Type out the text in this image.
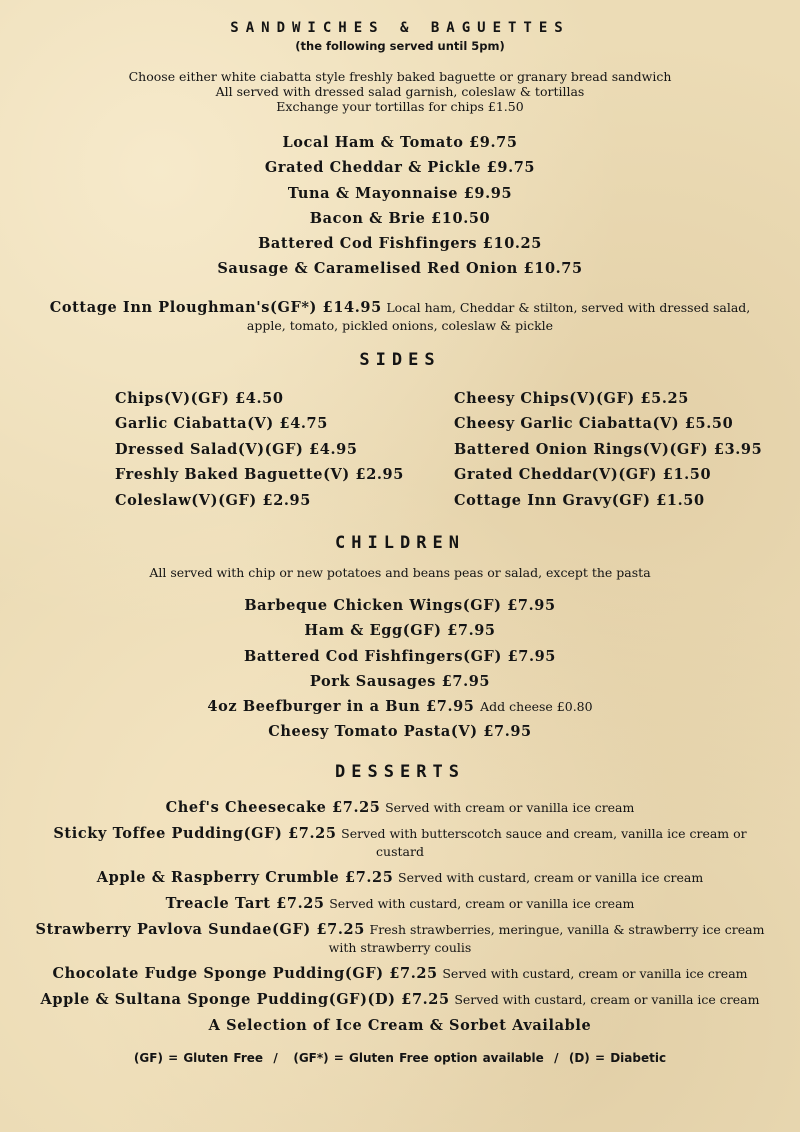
SANDWICHES & BAGUETTES
(the following served until 5pm)
Choose either white ciabatta style freshly baked baguette or granary bread sandwich
All served with dressed salad garnish, coleslaw & tortillas
Exchange your tortillas for chips £1.50
Local Ham & Tomato £9.75
Grated Cheddar & Pickle £9.75
Tuna & Mayonnaise £9.95
Bacon & Brie £10.50
Battered Cod Fishfingers £10.25
Sausage & Caramelised Red Onion £10.75
Cottage Inn Ploughman's(GF*) £14.95 Local ham, Cheddar & stilton, served with dressed salad, apple, tomato, pickled onions, coleslaw & pickle
SIDES
Chips(V)(GF) £4.50
Garlic Ciabatta(V) £4.75
Dressed Salad(V)(GF) £4.95
Freshly Baked Baguette(V) £2.95
Coleslaw(V)(GF) £2.95
Cheesy Chips(V)(GF) £5.25
Cheesy Garlic Ciabatta(V) £5.50
Battered Onion Rings(V)(GF) £3.95
Grated Cheddar(V)(GF) £1.50
Cottage Inn Gravy(GF) £1.50
CHILDREN
All served with chip or new potatoes and beans peas or salad, except the pasta
Barbeque Chicken Wings(GF) £7.95
Ham & Egg(GF) £7.95
Battered Cod Fishfingers(GF) £7.95
Pork Sausages £7.95
4oz Beefburger in a Bun £7.95 Add cheese £0.80
Cheesy Tomato Pasta(V) £7.95
DESSERTS
Chef's Cheesecake £7.25 Served with cream or vanilla ice cream
Sticky Toffee Pudding(GF) £7.25 Served with butterscotch sauce and cream, vanilla ice cream or custard
Apple & Raspberry Crumble £7.25 Served with custard, cream or vanilla ice cream
Treacle Tart £7.25 Served with custard, cream or vanilla ice cream
Strawberry Pavlova Sundae(GF) £7.25 Fresh strawberries, meringue, vanilla & strawberry ice cream with strawberry coulis
Chocolate Fudge Sponge Pudding(GF) £7.25 Served with custard, cream or vanilla ice cream
Apple & Sultana Sponge Pudding(GF)(D) £7.25 Served with custard, cream or vanilla ice cream
A Selection of Ice Cream & Sorbet Available
(GF) = Gluten Free  /   (GF*) = Gluten Free option available  /  (D) = Diabetic
